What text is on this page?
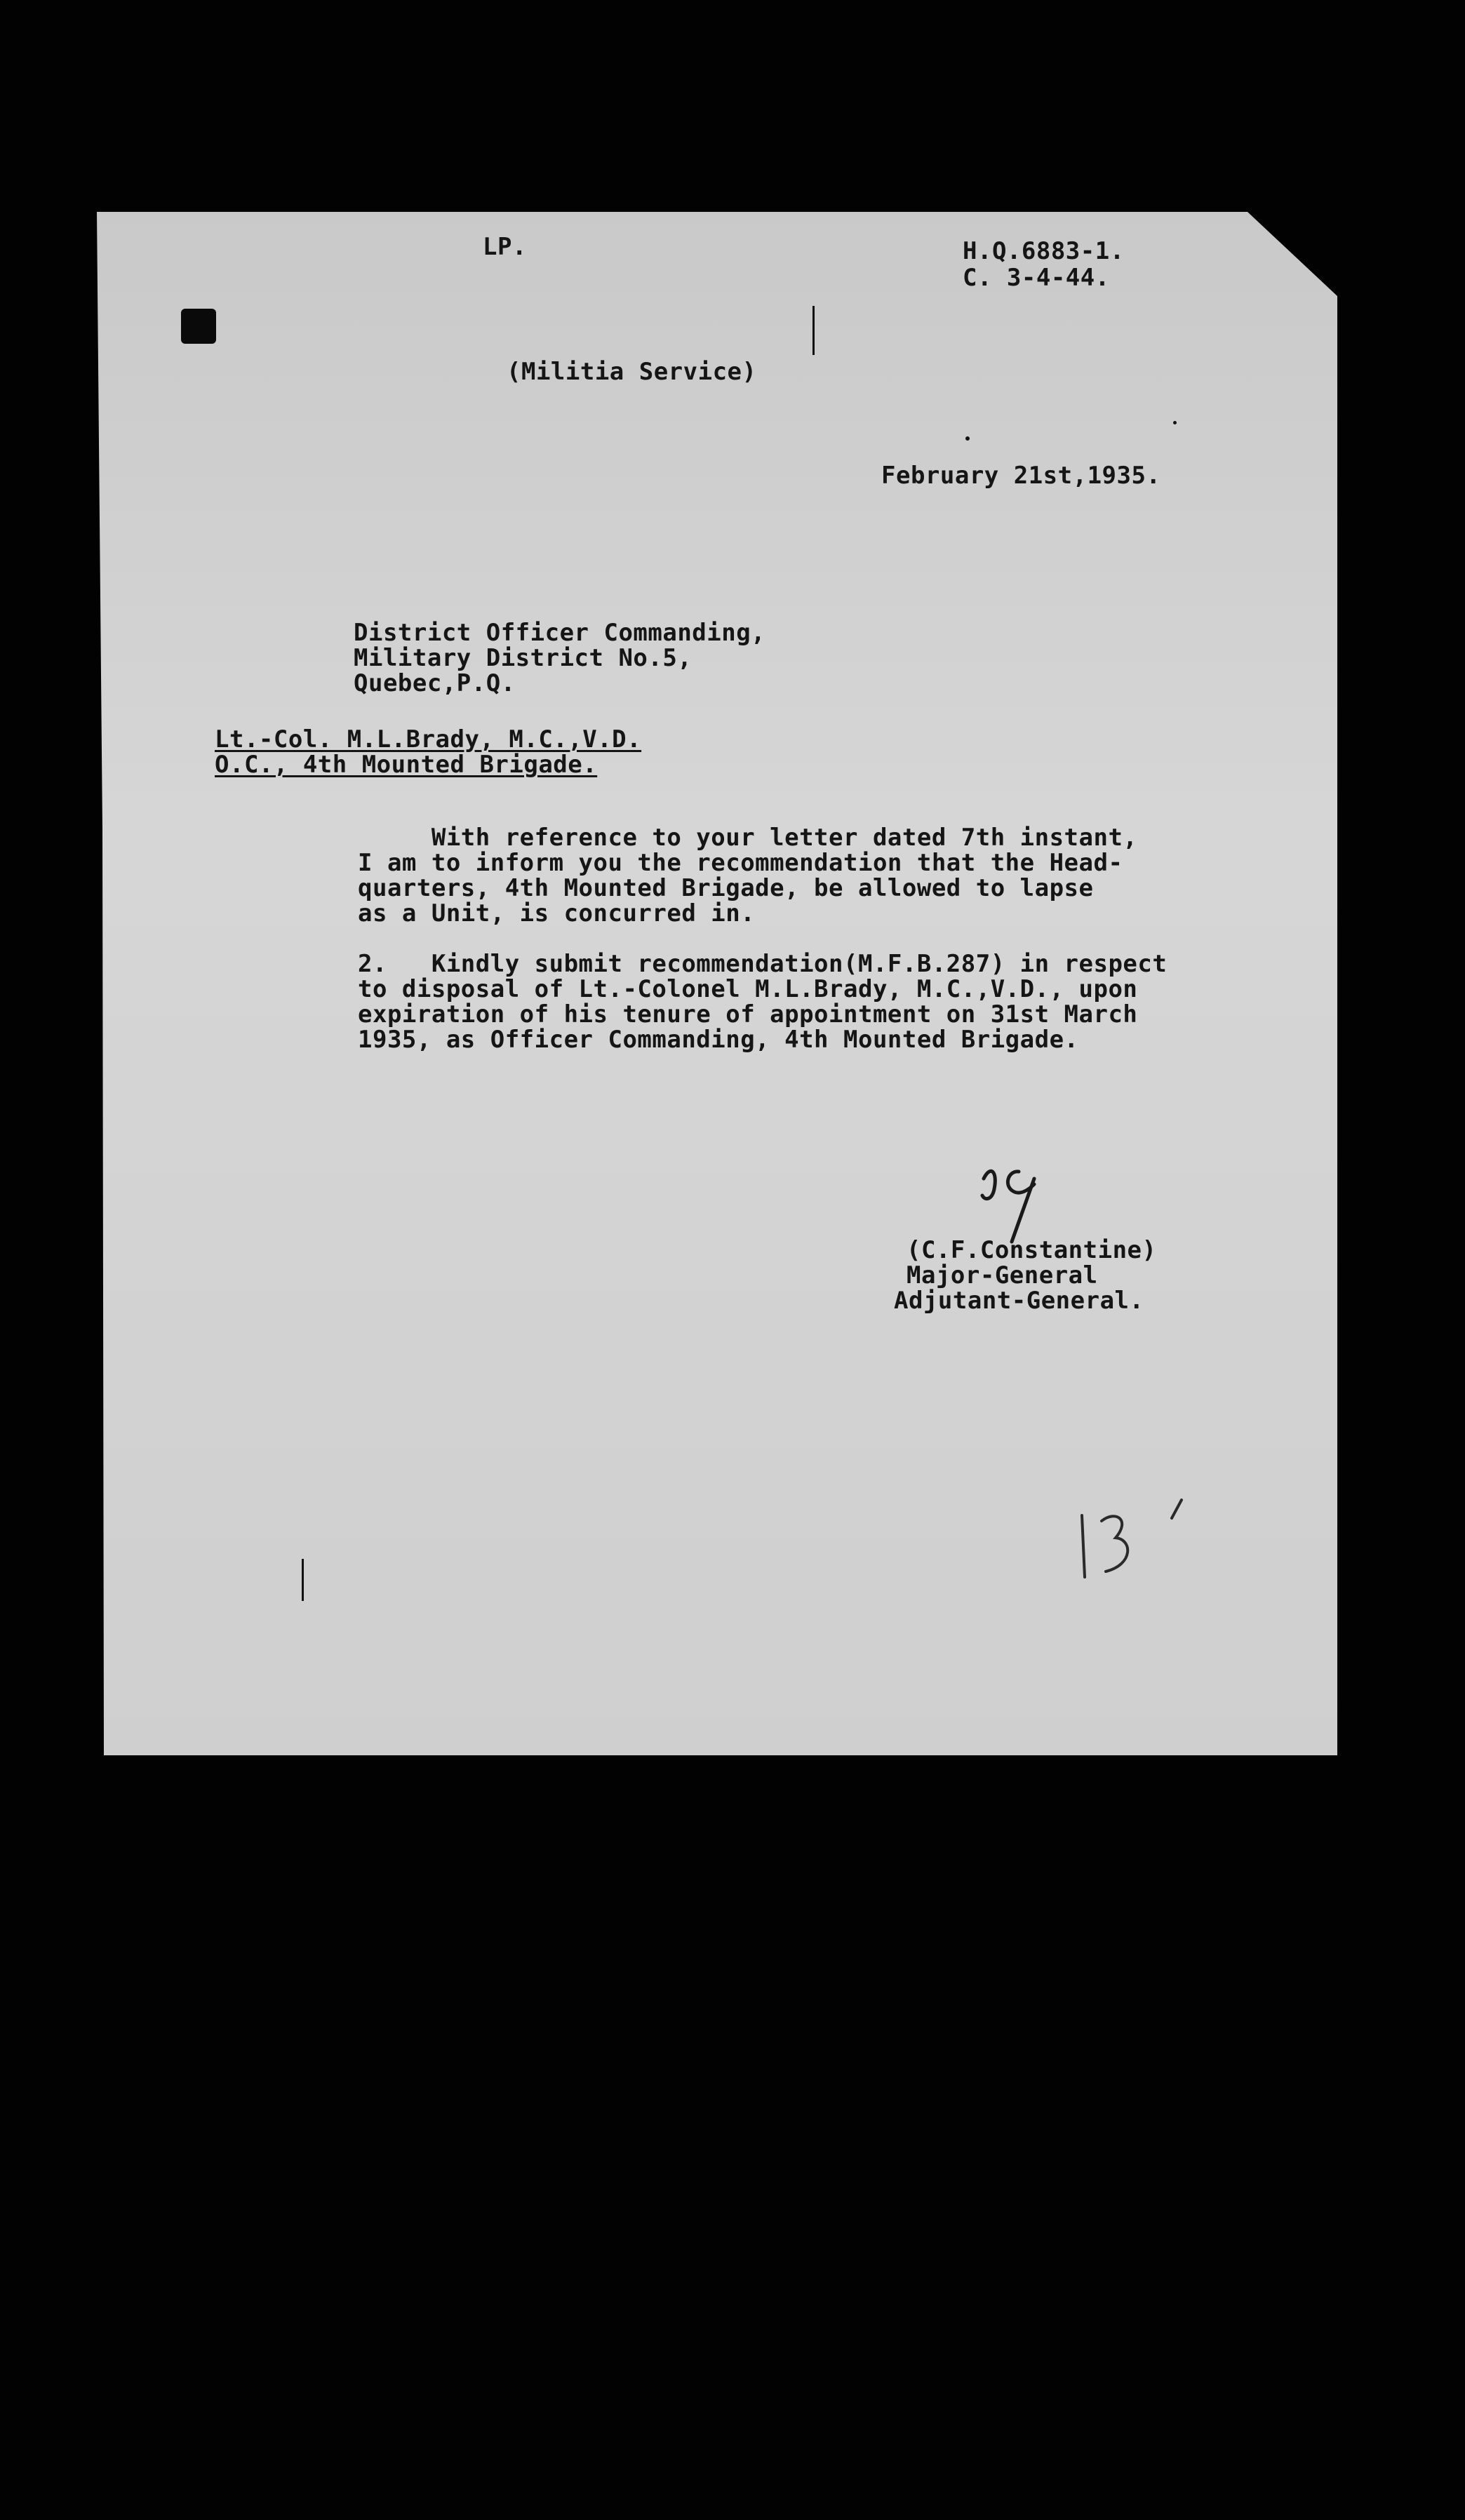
LP.	H.Q.6883-1.
C. 3-4-44.
(Militia Service)
February 21st,1935.
District Officer Commanding,
Military District No.5,
Quebec,P.Q.
Lt.-Col. M.L.Brady, M.C.,V.D.
O.C., 4th Mounted Brigade.
With reference to your letter dated 7th instant,
I am to inform you the recommendation that the Head-
quarters, 4th Mounted Brigade, be allowed to lapse
as a Unit, is concurred in.
2.   Kindly submit recommendation(M.F.B.287) in respect
to disposal of Lt.-Colonel M.L.Brady, M.C.,V.D., upon
expiration of his tenure of appointment on 31st March
1935, as Officer Commanding, 4th Mounted Brigade.
(C.F.Constantine)
Major-General
Adjutant-General.
